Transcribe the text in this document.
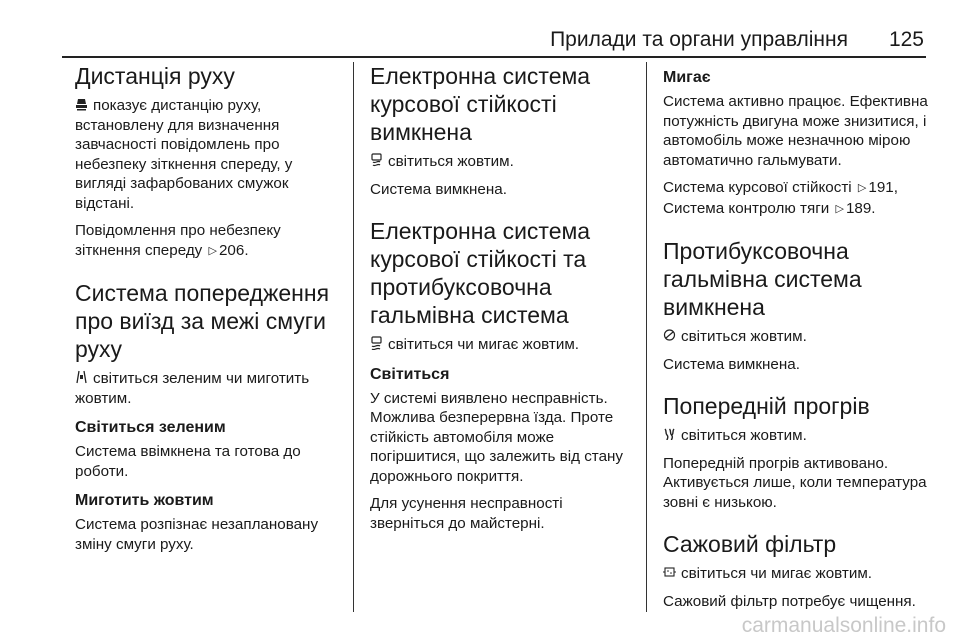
Прилади та органи управління 125
Дистанція руху

показує дистанцію руху, встановлену для визначення завчасності повідомлень про небезпеку зіткнення спереду, у вигляді зафарбованих смужок відстані.

Повідомлення про небезпеку зіткнення спереду ▷ 206.

Система попередження про виїзд за межі смуги руху

світиться зеленим чи миготить жовтим.

Світиться зеленим

Система ввімкнена та готова до роботи.

Миготить жовтим

Система розпізнає незаплановану зміну смуги руху.

Електронна система курсової стійкості вимкнена

світиться жовтим.

Система вимкнена.

Електронна система курсової стійкості та протибуксовочна гальмівна система

світиться чи мигає жовтим.

Світиться

У системі виявлено несправність. Можлива безперервна їзда. Проте стійкість автомобіля може погіршитися, що залежить від стану дорожнього покриття.

Для усунення несправності зверніться до майстерні.

Мигає

Система активно працює. Ефективна потужність двигуна може знизитися, і автомобіль може незначною мірою автоматично гальмувати.

Система курсової стійкості ▷ 191,
Система контролю тяги ▷ 189.

Протибуксовочна гальмівна система вимкнена

світиться жовтим.

Система вимкнена.

Попередній прогрів

світиться жовтим.

Попередній прогрів активовано. Активується лише, коли температура зовні є низькою.

Сажовий фільтр

світиться чи мигає жовтим.

Сажовий фільтр потребує чищення.

carmanualsonline.info
